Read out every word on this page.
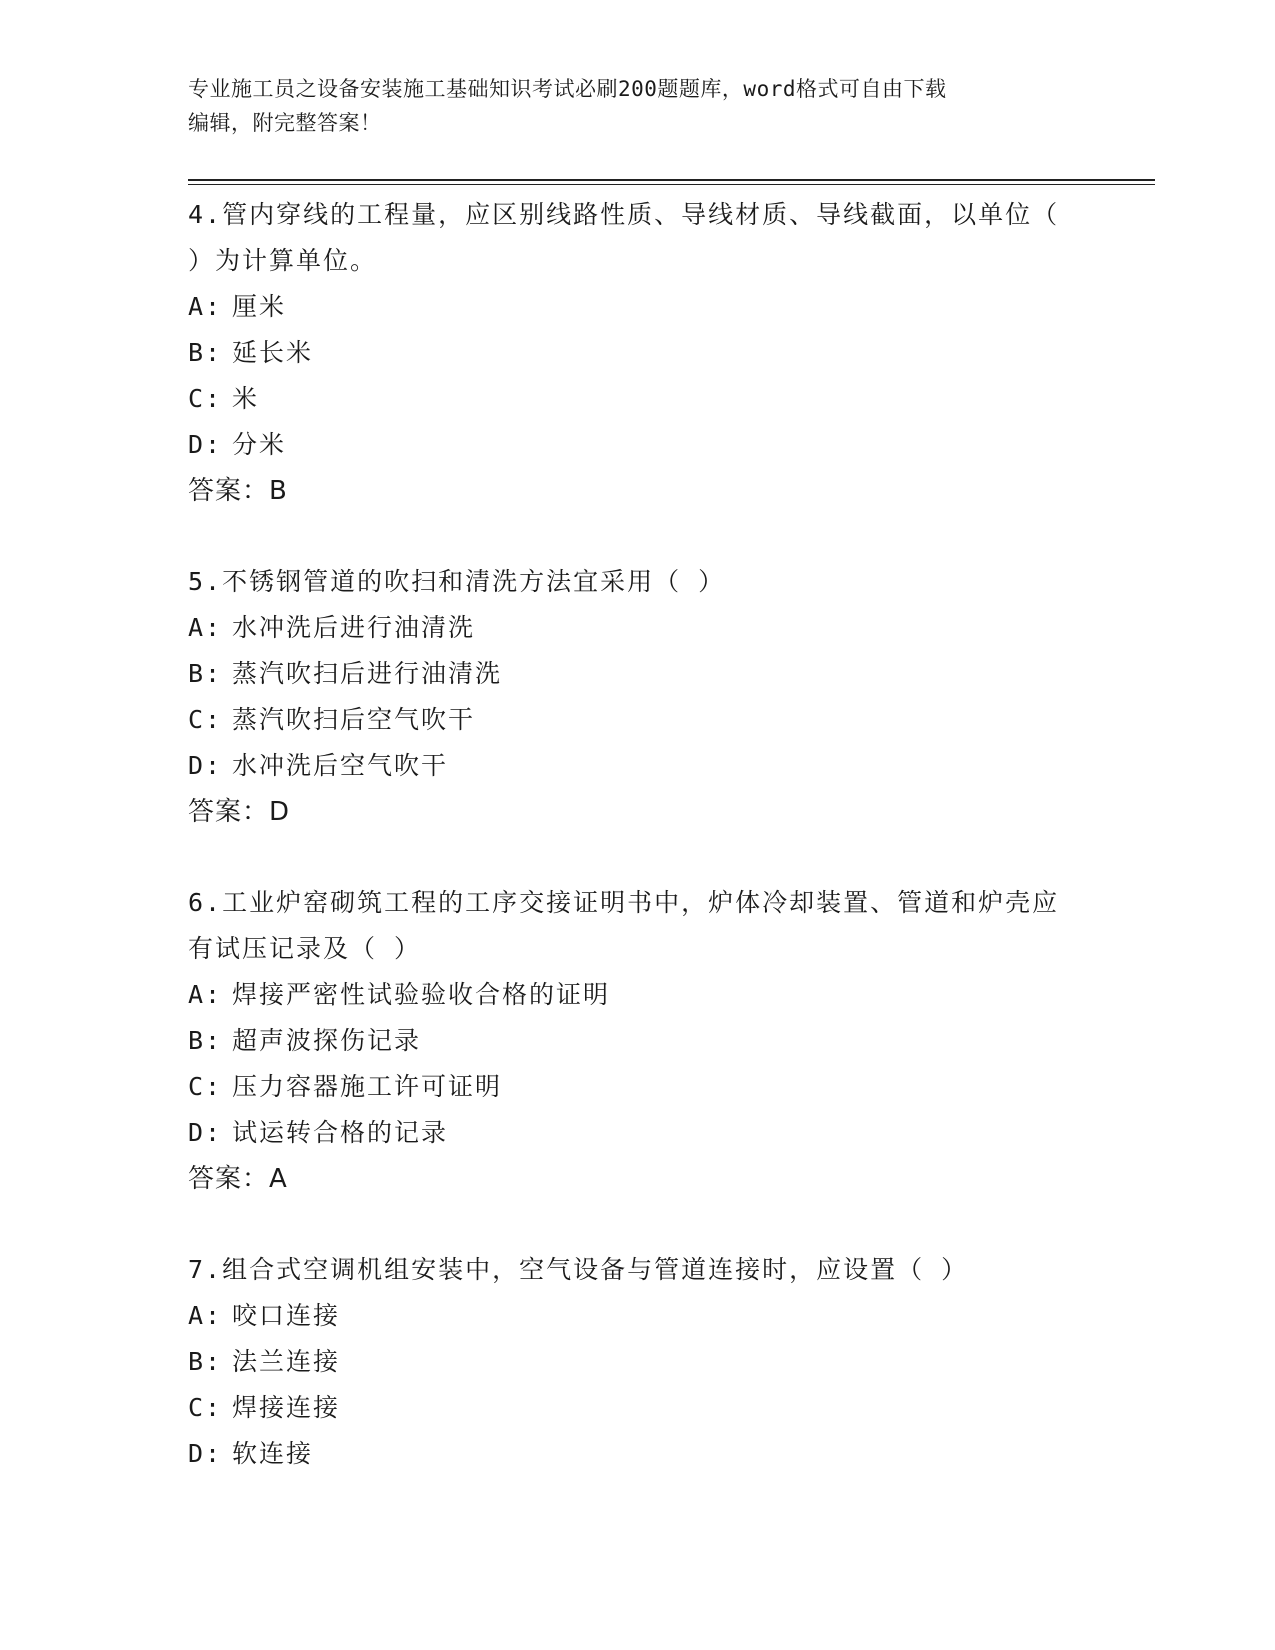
专业施工员之设备安装施工基础知识考试必刷200题题库，word格式可自由下载
编辑，附完整答案！

4.管内穿线的工程量，应区别线路性质、导线材质、导线截面，以单位（ ）为计算单位。

A: 厘米

B: 延长米

C: 米

D: 分米

答案：B

5.不锈钢管道的吹扫和清洗方法宜采用（ ）

A: 水冲洗后进行油清洗

B: 蒸汽吹扫后进行油清洗

C: 蒸汽吹扫后空气吹干

D: 水冲洗后空气吹干

答案：D

6.工业炉窑砌筑工程的工序交接证明书中，炉体冷却装置、管道和炉壳应有试压记录及（ ）

A: 焊接严密性试验验收合格的证明

B: 超声波探伤记录

C: 压力容器施工许可证明

D: 试运转合格的记录

答案：A

7.组合式空调机组安装中，空气设备与管道连接时，应设置（ ）

A: 咬口连接

B: 法兰连接

C: 焊接连接

D: 软连接
